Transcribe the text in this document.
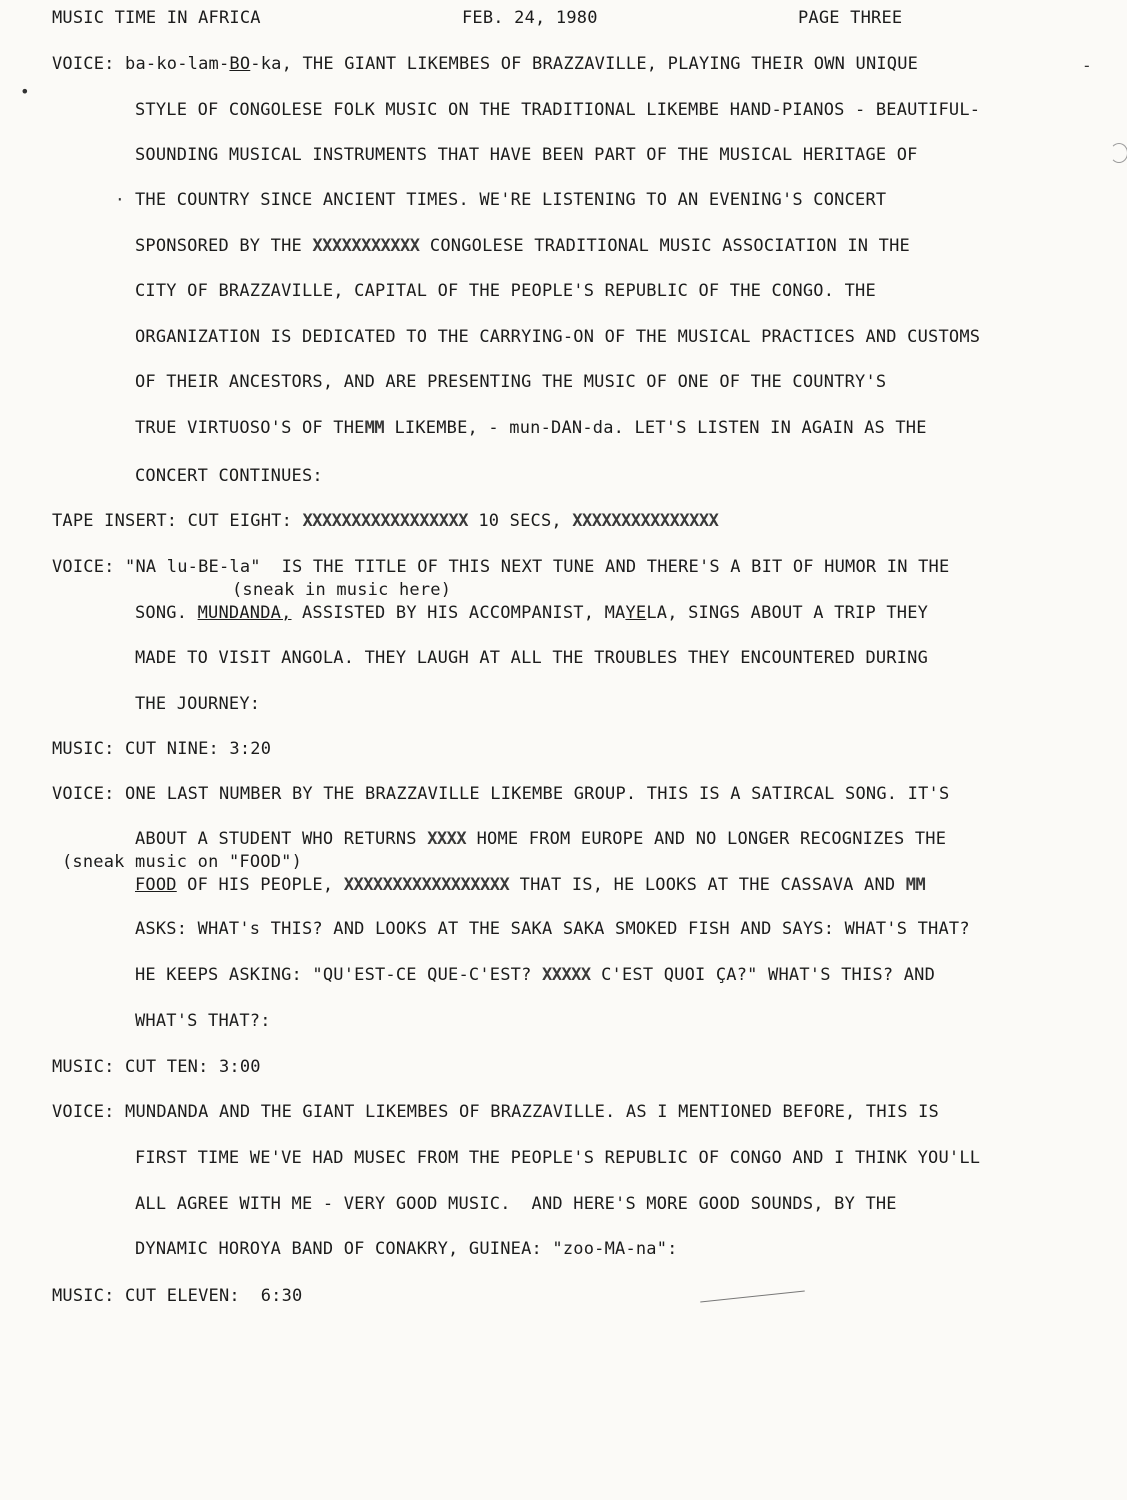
MUSIC TIME IN AFRICA	FEB. 24, 1980	PAGE THREE
VOICE: ba-ko-lam-BO-ka, THE GIANT LIKEMBES OF BRAZZAVILLE, PLAYING THEIR OWN UNIQUE
STYLE OF CONGOLESE FOLK MUSIC ON THE TRADITIONAL LIKEMBE HAND-PIANOS - BEAUTIFUL-
SOUNDING MUSICAL INSTRUMENTS THAT HAVE BEEN PART OF THE MUSICAL HERITAGE OF
THE COUNTRY SINCE ANCIENT TIMES. WE'RE LISTENING TO AN EVENING'S CONCERT
SPONSORED BY THE XXXXXXXXXXX CONGOLESE TRADITIONAL MUSIC ASSOCIATION IN THE
CITY OF BRAZZAVILLE, CAPITAL OF THE PEOPLE'S REPUBLIC OF THE CONGO. THE
ORGANIZATION IS DEDICATED TO THE CARRYING-ON OF THE MUSICAL PRACTICES AND CUSTOMS
OF THEIR ANCESTORS, AND ARE PRESENTING THE MUSIC OF ONE OF THE COUNTRY'S
TRUE VIRTUOSO'S OF THEMM LIKEMBE, - mun-DAN-da. LET'S LISTEN IN AGAIN AS THE
CONCERT CONTINUES:
TAPE INSERT: CUT EIGHT: XXXXXXXXXXXXXXXXX 10 SECS, XXXXXXXXXXXXXXX
VOICE: "NA lu-BE-la"  IS THE TITLE OF THIS NEXT TUNE AND THERE'S A BIT OF HUMOR IN THE
(sneak in music here)
SONG. MUNDANDA, ASSISTED BY HIS ACCOMPANIST, MAYELA, SINGS ABOUT A TRIP THEY
MADE TO VISIT ANGOLA. THEY LAUGH AT ALL THE TROUBLES THEY ENCOUNTERED DURING
THE JOURNEY:
MUSIC: CUT NINE: 3:20
VOICE: ONE LAST NUMBER BY THE BRAZZAVILLE LIKEMBE GROUP. THIS IS A SATIRCAL SONG. IT'S
ABOUT A STUDENT WHO RETURNS XXXX HOME FROM EUROPE AND NO LONGER RECOGNIZES THE
(sneak music on "FOOD")
FOOD OF HIS PEOPLE, XXXXXXXXXXXXXXXXX THAT IS, HE LOOKS AT THE CASSAVA AND MM
ASKS: WHAT's THIS? AND LOOKS AT THE SAKA SAKA SMOKED FISH AND SAYS: WHAT'S THAT?
HE KEEPS ASKING: "QU'EST-CE QUE-C'EST? XXXXX C'EST QUOI ÇA?" WHAT'S THIS? AND
WHAT'S THAT?:
MUSIC: CUT TEN: 3:00
VOICE: MUNDANDA AND THE GIANT LIKEMBES OF BRAZZAVILLE. AS I MENTIONED BEFORE, THIS IS
FIRST TIME WE'VE HAD MUSEC FROM THE PEOPLE'S REPUBLIC OF CONGO AND I THINK YOU'LL
ALL AGREE WITH ME - VERY GOOD MUSIC.  AND HERE'S MORE GOOD SOUNDS, BY THE
DYNAMIC HOROYA BAND OF CONAKRY, GUINEA: "zoo-MA-na":
MUSIC: CUT ELEVEN:  6:30
•
·
-
